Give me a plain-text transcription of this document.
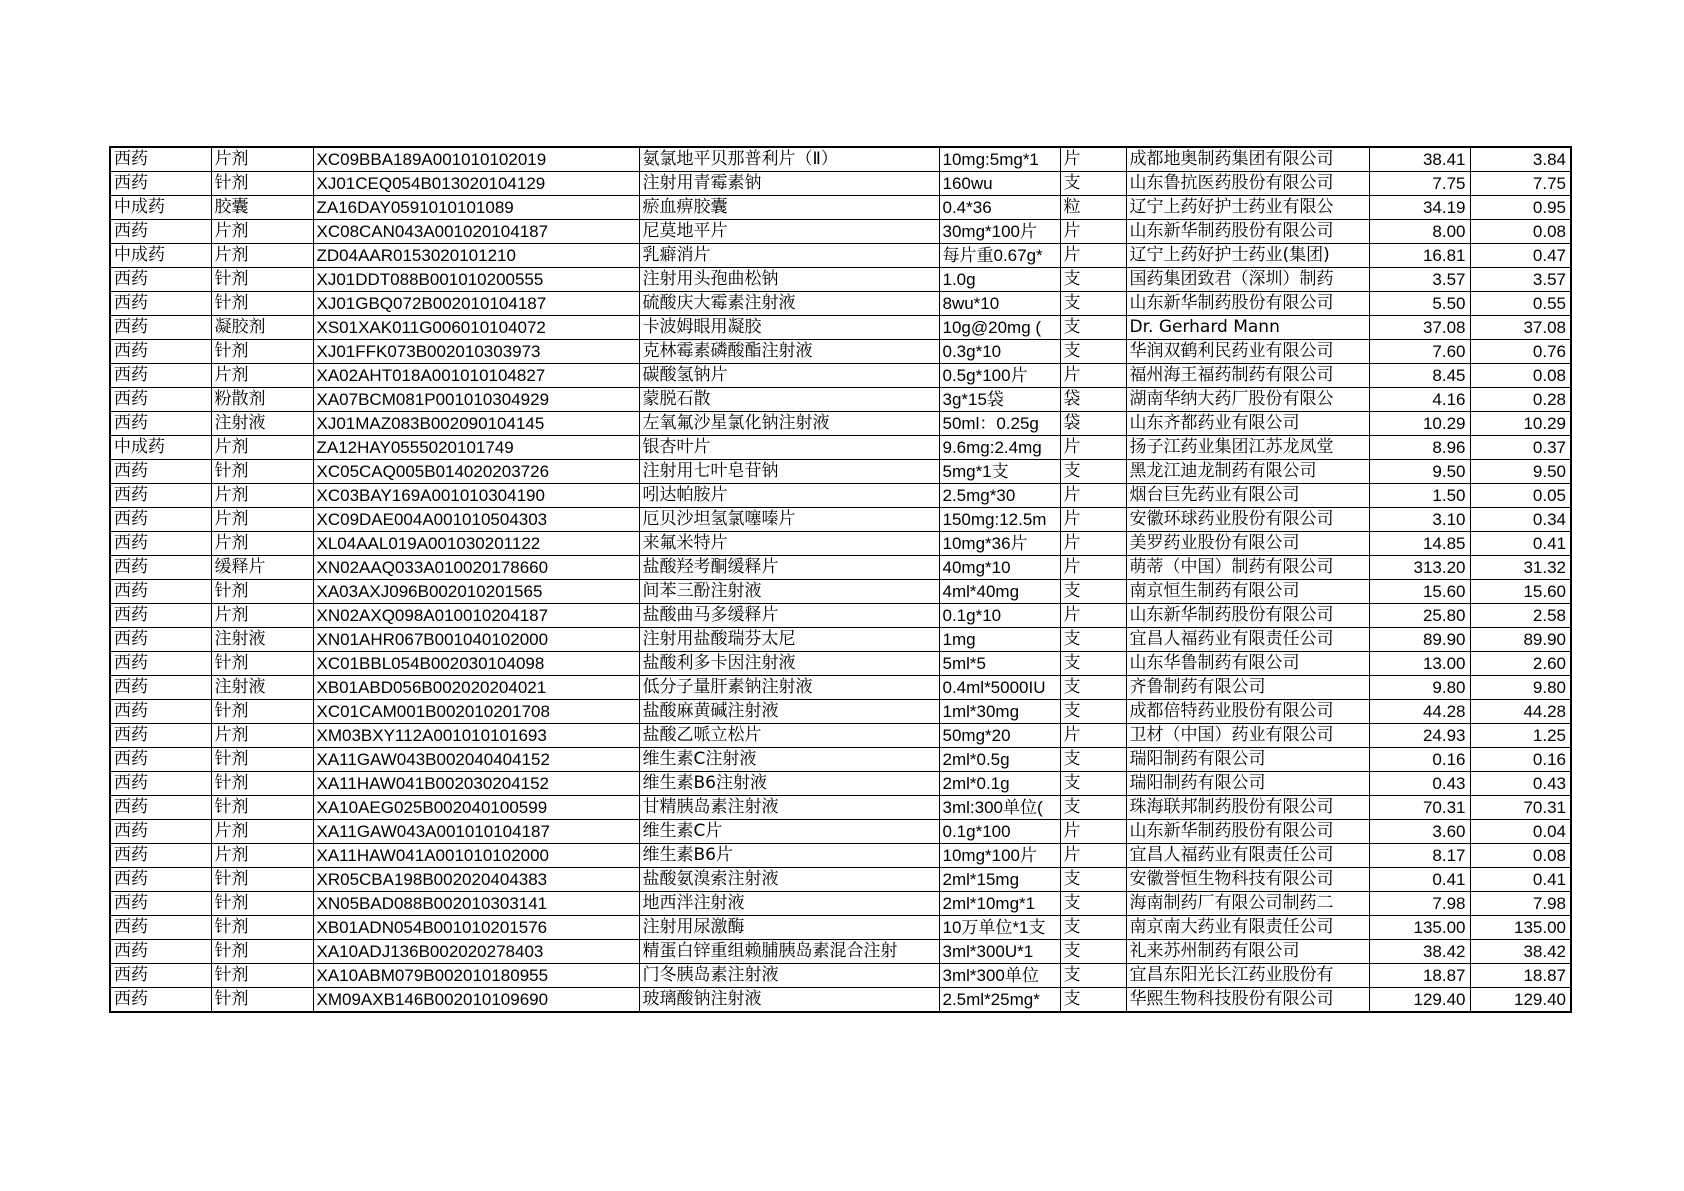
西药	片剂	XC09BBA189A001010102019	氨氯地平贝那普利片（Ⅱ）	10mg:5mg*1	片	成都地奥制药集团有限公司	38.41	3.84
西药	针剂	XJ01CEQ054B013020104129	注射用青霉素钠	160wu	支	山东鲁抗医药股份有限公司	7.75	7.75
中成药	胶囊	ZA16DAY0591010101089	瘀血痹胶囊	0.4*36	粒	辽宁上药好护士药业有限公	34.19	0.95
西药	片剂	XC08CAN043A001020104187	尼莫地平片	30mg*100片	片	山东新华制药股份有限公司	8.00	0.08
中成药	片剂	ZD04AAR0153020101210	乳癖消片	每片重0.67g*	片	辽宁上药好护士药业(集团)	16.81	0.47
西药	针剂	XJ01DDT088B001010200555	注射用头孢曲松钠	1.0g	支	国药集团致君（深圳）制药	3.57	3.57
西药	针剂	XJ01GBQ072B002010104187	硫酸庆大霉素注射液	8wu*10	支	山东新华制药股份有限公司	5.50	0.55
西药	凝胶剂	XS01XAK011G006010104072	卡波姆眼用凝胶	10g@20mg (	支	Dr. Gerhard Mann	37.08	37.08
西药	针剂	XJ01FFK073B002010303973	克林霉素磷酸酯注射液	0.3g*10	支	华润双鹤利民药业有限公司	7.60	0.76
西药	片剂	XA02AHT018A001010104827	碳酸氢钠片	0.5g*100片	片	福州海王福药制药有限公司	8.45	0.08
西药	粉散剂	XA07BCM081P001010304929	蒙脱石散	3g*15袋	袋	湖南华纳大药厂股份有限公	4.16	0.28
西药	注射液	XJ01MAZ083B002090104145	左氧氟沙星氯化钠注射液	50ml：0.25g	袋	山东齐都药业有限公司	10.29	10.29
中成药	片剂	ZA12HAY0555020101749	银杏叶片	9.6mg:2.4mg	片	扬子江药业集团江苏龙凤堂	8.96	0.37
西药	针剂	XC05CAQ005B014020203726	注射用七叶皂苷钠	5mg*1支	支	黑龙江迪龙制药有限公司	9.50	9.50
西药	片剂	XC03BAY169A001010304190	吲达帕胺片	2.5mg*30	片	烟台巨先药业有限公司	1.50	0.05
西药	片剂	XC09DAE004A001010504303	厄贝沙坦氢氯噻嗪片	150mg:12.5m	片	安徽环球药业股份有限公司	3.10	0.34
西药	片剂	XL04AAL019A001030201122	来氟米特片	10mg*36片	片	美罗药业股份有限公司	14.85	0.41
西药	缓释片	XN02AAQ033A010020178660	盐酸羟考酮缓释片	40mg*10	片	萌蒂（中国）制药有限公司	313.20	31.32
西药	针剂	XA03AXJ096B002010201565	间苯三酚注射液	4ml*40mg	支	南京恒生制药有限公司	15.60	15.60
西药	片剂	XN02AXQ098A010010204187	盐酸曲马多缓释片	0.1g*10	片	山东新华制药股份有限公司	25.80	2.58
西药	注射液	XN01AHR067B001040102000	注射用盐酸瑞芬太尼	1mg	支	宜昌人福药业有限责任公司	89.90	89.90
西药	针剂	XC01BBL054B002030104098	盐酸利多卡因注射液	5ml*5	支	山东华鲁制药有限公司	13.00	2.60
西药	注射液	XB01ABD056B002020204021	低分子量肝素钠注射液	0.4ml*5000IU	支	齐鲁制药有限公司	9.80	9.80
西药	针剂	XC01CAM001B002010201708	盐酸麻黄碱注射液	1ml*30mg	支	成都倍特药业股份有限公司	44.28	44.28
西药	片剂	XM03BXY112A001010101693	盐酸乙哌立松片	50mg*20	片	卫材（中国）药业有限公司	24.93	1.25
西药	针剂	XA11GAW043B002040404152	维生素C注射液	2ml*0.5g	支	瑞阳制药有限公司	0.16	0.16
西药	针剂	XA11HAW041B002030204152	维生素B6注射液	2ml*0.1g	支	瑞阳制药有限公司	0.43	0.43
西药	针剂	XA10AEG025B002040100599	甘精胰岛素注射液	3ml:300单位(	支	珠海联邦制药股份有限公司	70.31	70.31
西药	片剂	XA11GAW043A001010104187	维生素C片	0.1g*100	片	山东新华制药股份有限公司	3.60	0.04
西药	片剂	XA11HAW041A001010102000	维生素B6片	10mg*100片	片	宜昌人福药业有限责任公司	8.17	0.08
西药	针剂	XR05CBA198B002020404383	盐酸氨溴索注射液	2ml*15mg	支	安徽誉恒生物科技有限公司	0.41	0.41
西药	针剂	XN05BAD088B002010303141	地西泮注射液	2ml*10mg*1	支	海南制药厂有限公司制药二	7.98	7.98
西药	针剂	XB01ADN054B001010201576	注射用尿激酶	10万单位*1支	支	南京南大药业有限责任公司	135.00	135.00
西药	针剂	XA10ADJ136B002020278403	精蛋白锌重组赖脯胰岛素混合注射	3ml*300U*1	支	礼来苏州制药有限公司	38.42	38.42
西药	针剂	XA10ABM079B002010180955	门冬胰岛素注射液	3ml*300单位	支	宜昌东阳光长江药业股份有	18.87	18.87
西药	针剂	XM09AXB146B002010109690	玻璃酸钠注射液	2.5ml*25mg*	支	华熙生物科技股份有限公司	129.40	129.40
